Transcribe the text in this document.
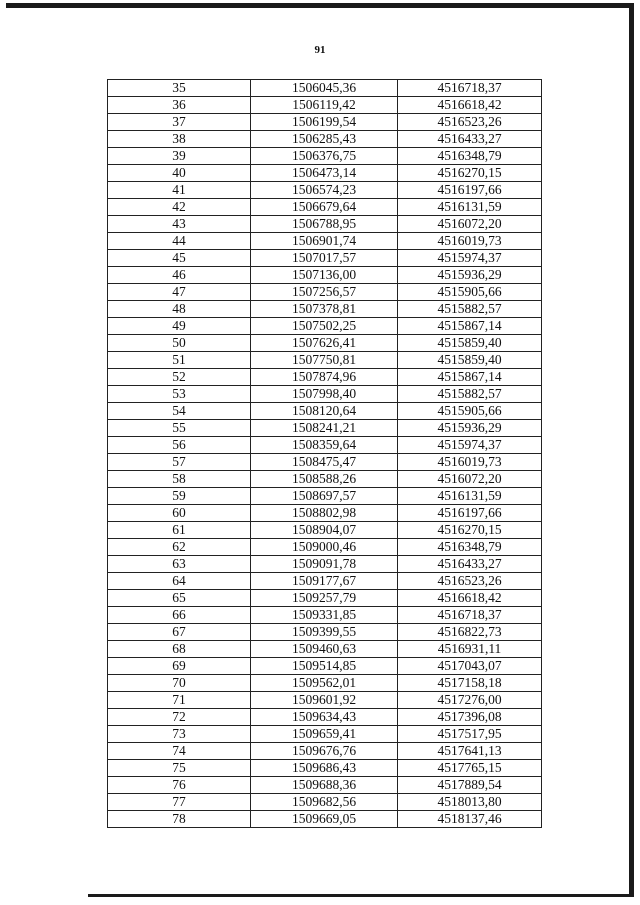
91
35	1506045,36	4516718,37
36	1506119,42	4516618,42
37	1506199,54	4516523,26
38	1506285,43	4516433,27
39	1506376,75	4516348,79
40	1506473,14	4516270,15
41	1506574,23	4516197,66
42	1506679,64	4516131,59
43	1506788,95	4516072,20
44	1506901,74	4516019,73
45	1507017,57	4515974,37
46	1507136,00	4515936,29
47	1507256,57	4515905,66
48	1507378,81	4515882,57
49	1507502,25	4515867,14
50	1507626,41	4515859,40
51	1507750,81	4515859,40
52	1507874,96	4515867,14
53	1507998,40	4515882,57
54	1508120,64	4515905,66
55	1508241,21	4515936,29
56	1508359,64	4515974,37
57	1508475,47	4516019,73
58	1508588,26	4516072,20
59	1508697,57	4516131,59
60	1508802,98	4516197,66
61	1508904,07	4516270,15
62	1509000,46	4516348,79
63	1509091,78	4516433,27
64	1509177,67	4516523,26
65	1509257,79	4516618,42
66	1509331,85	4516718,37
67	1509399,55	4516822,73
68	1509460,63	4516931,11
69	1509514,85	4517043,07
70	1509562,01	4517158,18
71	1509601,92	4517276,00
72	1509634,43	4517396,08
73	1509659,41	4517517,95
74	1509676,76	4517641,13
75	1509686,43	4517765,15
76	1509688,36	4517889,54
77	1509682,56	4518013,80
78	1509669,05	4518137,46
